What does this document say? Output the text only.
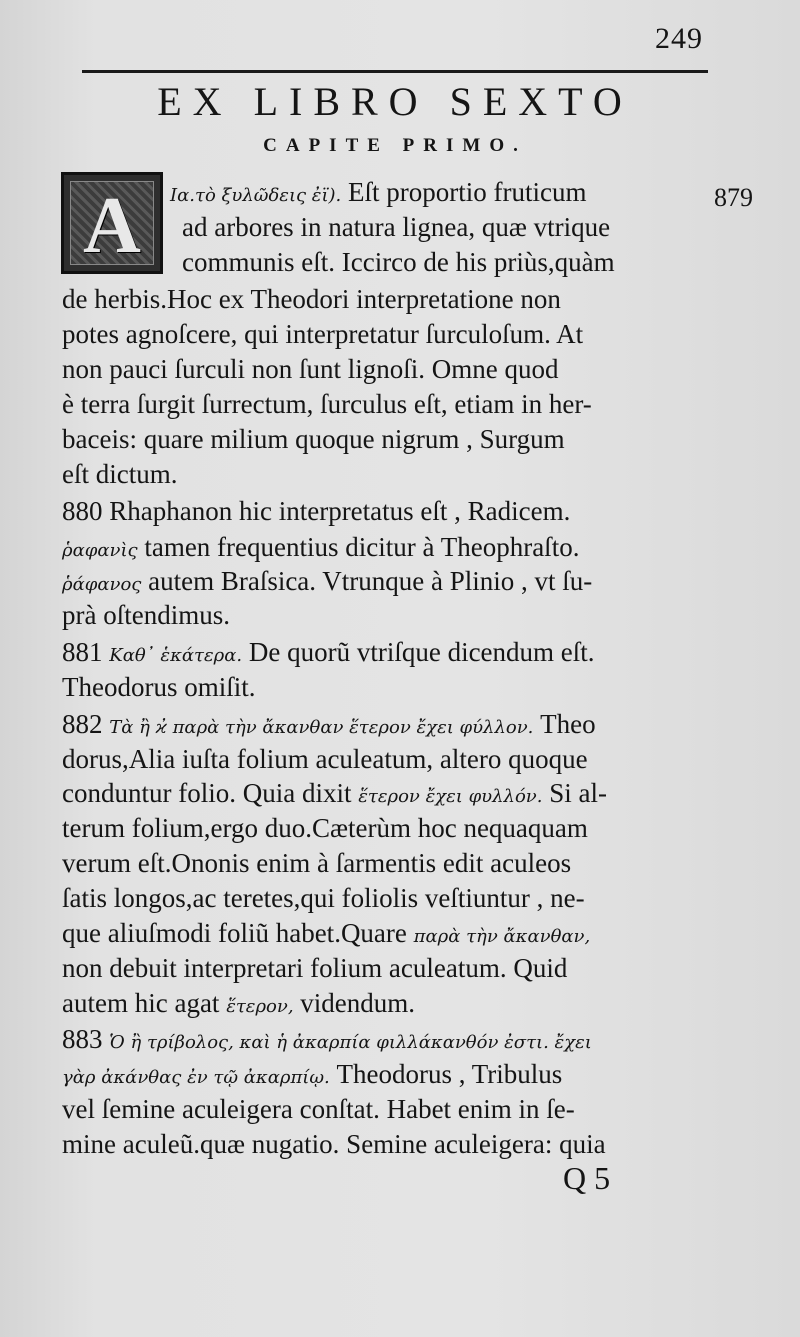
249
EX LIBRO SEXTO
CAPITE PRIMO.
A	879
Ια.τὸ ξυλῶδεις ἐϊ). Eſt proportio fruticum
ad arbores in natura lignea, quæ vtrique
communis eſt. Iccirco de his priùs,quàm
de herbis.Hoc ex Theodori interpretatione non
potes agnoſcere, qui interpretatur ſurculoſum. At
non pauci ſurculi non ſunt lignoſi. Omne quod
è terra ſurgit ſurrectum, ſurculus eſt, etiam in her-
baceis: quare milium quoque nigrum , Surgum
eſt dictum.
880 Rhaphanon hic interpretatus eſt , Radicem.
ῥαφανὶς tamen frequentius dicitur à Theophraſto.
ῥάφανος autem Braſsica. Vtrunque à Plinio , vt ſu-
prà oſtendimus.
881 Καθ᾽ ἑκάτερα. De quorũ vtriſque dicendum eſt.
Theodorus omiſit.
882 Τὰ ἢ ϰ̓ παρὰ τὴν ἄκανθαν ἕτερον ἔχει φύλλον. Theo
dorus,Alia iuſta folium aculeatum, altero quoque
conduntur folio. Quia dixit ἕτερον ἔχει φυλλόν. Si al-
terum folium,ergo duo.Cæterùm hoc nequaquam
verum eſt.Ononis enim à ſarmentis edit aculeos
ſatis longos,ac teretes,qui foliolis veſtiuntur , ne-
que aliuſmodi foliũ habet.Quare παρὰ τὴν ἄκανθαν,
non debuit interpretari folium aculeatum. Quid
autem hic agat ἕτερον, videndum.
883 Ὁ ἢ τρίβολος, καὶ ἡ ἀκαρπία φιλλάκανθόν ἐστι. ἔχει
γὰρ ἀκάνθας ἐν τῷ ἀκαρπίῳ. Theodorus , Tribulus
vel ſemine aculeigera conſtat. Habet enim in ſe-
mine aculeũ.quæ nugatio. Semine aculeigera: quia
Q 5
